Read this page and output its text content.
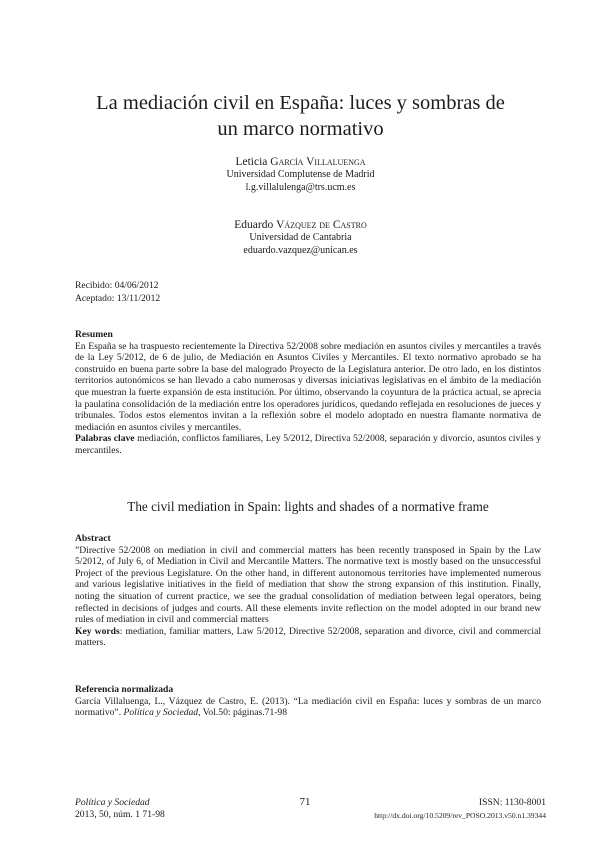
La mediación civil en España: luces y sombras de
un marco normativo
Leticia García Villaluenga
Universidad Complutense de Madrid
l.g.villalulenga@trs.ucm.es
Eduardo Vázquez de Castro
Universidad de Cantabria
eduardo.vazquez@unican.es
Recibido: 04/06/2012
Aceptado: 13/11/2012
Resumen
En España se ha traspuesto recientemente la Directiva 52/2008 sobre mediación en asuntos civiles y mercantiles a través de la Ley 5/2012, de 6 de julio, de Mediación en Asuntos Civiles y Mercantiles. El texto normativo aprobado se ha construido en buena parte sobre la base del malogrado Proyecto de la Legislatura anterior. De otro lado, en los distintos territorios autonómicos se han llevado a cabo numerosas y diversas iniciativas legislativas en el ámbito de la mediación que muestran la fuerte expansión de esta institución. Por último, observando la coyuntura de la práctica actual, se aprecia la paulatina consolidación de la mediación entre los operadores jurídicos, quedando reflejada en resoluciones de jueces y tribunales. Todos estos elementos invitan a la reflexión sobre el modelo adoptado en nuestra flamante normativa de mediación en asuntos civiles y mercantiles.
Palabras clave mediación, conflictos familiares, Ley 5/2012, Directiva 52/2008, separación y divorcio, asuntos civiles y mercantiles.
The civil mediation in Spain: lights and shades of a normative frame
Abstract
”Directive 52/2008 on mediation in civil and commercial matters has been recently transposed in Spain by the Law 5/2012, of July 6, of Mediation in Civil and Mercantile Matters. The normative text is mostly based on the unsuccessful Project of the previous Legislature. On the other hand, in different autonomous territories have implemented numerous and various legislative initiatives in the field of mediation that show the strong expansion of this institution. Finally, noting the situation of current practice, we see the gradual consolidation of mediation between legal operators, being reflected in decisions of judges and courts. All these elements invite reflection on the model adopted in our brand new rules of mediation in civil and commercial matters
Key words: mediation, familiar matters, Law 5/2012, Directive 52/2008, separation and divorce, civil and commercial matters.
Referencia normalizada
García Villaluenga, L., Vázquez de Castro, E. (2013). “La mediación civil en España: luces y sombras de un marco normativo”. Política y Sociedad, Vol.50: páginas.71-98
Política y Sociedad
2013, 50, núm. 1 71-98
71	ISSN: 1130-8001
http://dx.doi.org/10.5209/rev_POSO.2013.v50.n1.39344
